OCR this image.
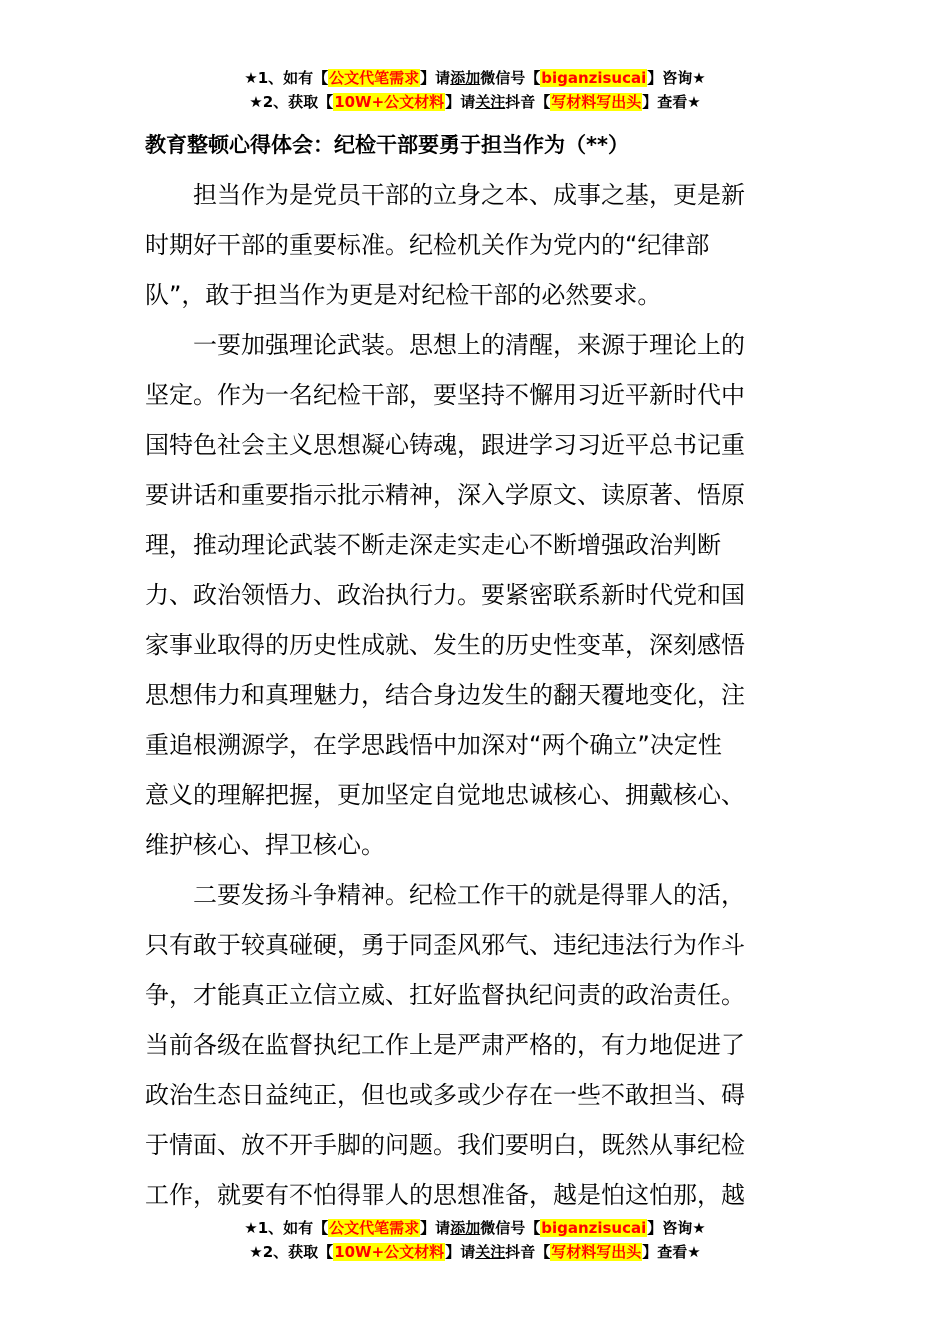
★1、如有【公文代笔需求】请添加微信号【biganzisucai】咨询★
★2、获取【10W+公文材料】请关注抖音【写材料写出头】查看★
教育整顿心得体会：纪检干部要勇于担当作为（**）

　　担当作为是党员干部的立身之本、成事之基，更是新
时期好干部的重要标准。纪检机关作为党内的“纪律部
队”，敢于担当作为更是对纪检干部的必然要求。

　　一要加强理论武装。思想上的清醒，来源于理论上的
坚定。作为一名纪检干部，要坚持不懈用习近平新时代中
国特色社会主义思想凝心铸魂，跟进学习习近平总书记重
要讲话和重要指示批示精神，深入学原文、读原著、悟原
理，推动理论武装不断走深走实走心不断增强政治判断
力、政治领悟力、政治执行力。要紧密联系新时代党和国
家事业取得的历史性成就、发生的历史性变革，深刻感悟
思想伟力和真理魅力，结合身边发生的翻天覆地变化，注
重追根溯源学，在学思践悟中加深对“两个确立”决定性
意义的理解把握，更加坚定自觉地忠诚核心、拥戴核心、
维护核心、捍卫核心。

　　二要发扬斗争精神。纪检工作干的就是得罪人的活，
只有敢于较真碰硬，勇于同歪风邪气、违纪违法行为作斗
争，才能真正立信立威、扛好监督执纪问责的政治责任。
当前各级在监督执纪工作上是严肃严格的，有力地促进了
政治生态日益纯正，但也或多或少存在一些不敢担当、碍
于情面、放不开手脚的问题。我们要明白，既然从事纪检
工作，就要有不怕得罪人的思想准备，越是怕这怕那，越

★1、如有【公文代笔需求】请添加微信号【biganzisucai】咨询★
★2、获取【10W+公文材料】请关注抖音【写材料写出头】查看★
